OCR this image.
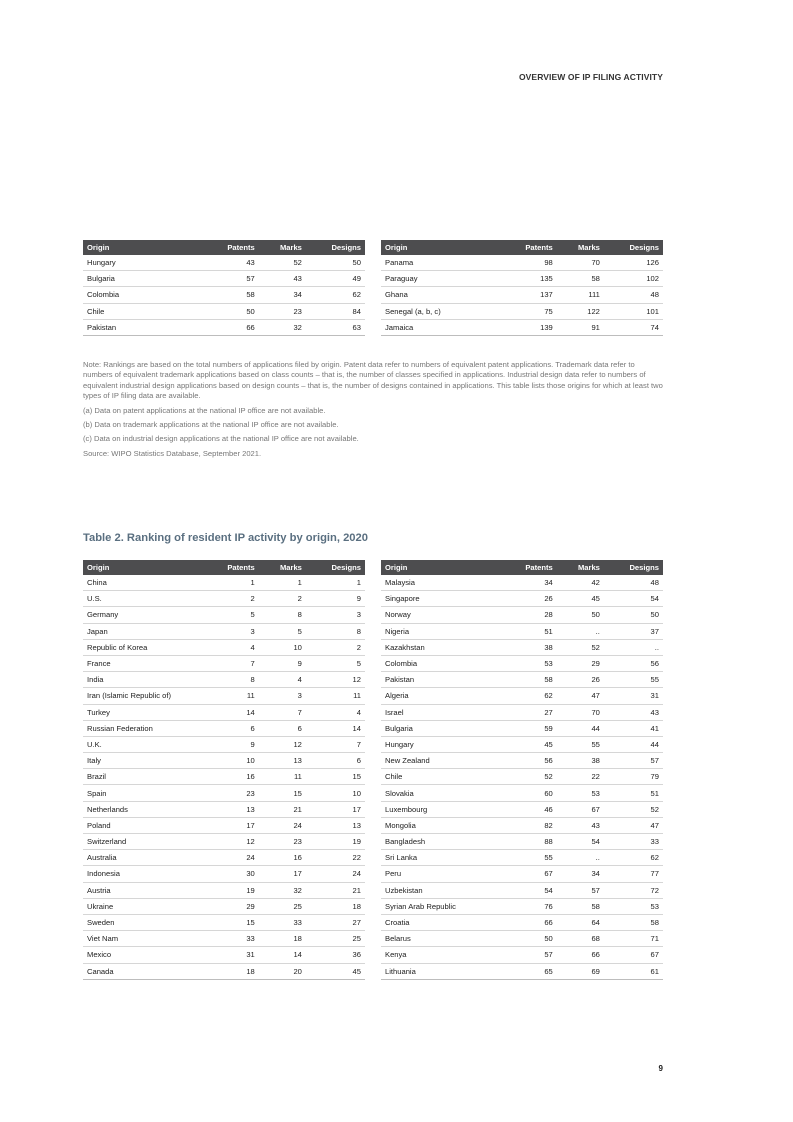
OVERVIEW OF IP FILING ACTIVITY
Origin	Patents	Marks	Designs
Hungary	43	52	50
Bulgaria	57	43	49
Colombia	58	34	62
Chile	50	23	84
Pakistan	66	32	63
Origin	Patents	Marks	Designs
Panama	98	70	126
Paraguay	135	58	102
Ghana	137	111	48
Senegal (a, b, c)	75	122	101
Jamaica	139	91	74

Note: Rankings are based on the total numbers of applications filed by origin. Patent data refer to numbers of equivalent patent applications. Trademark data refer to numbers of equivalent trademark applications based on class counts – that is, the number of classes specified in applications. Industrial design data refer to numbers of equivalent industrial design applications based on design counts – that is, the number of designs contained in applications. This table lists those origins for which at least two types of IP filing data are available.

(a) Data on patent applications at the national IP office are not available.

(b) Data on trademark applications at the national IP office are not available.

(c) Data on industrial design applications at the national IP office are not available.

Source: WIPO Statistics Database, September 2021.

Table 2. Ranking of resident IP activity by origin, 2020
Origin	Patents	Marks	Designs
China	1	1	1
U.S.	2	2	9
Germany	5	8	3
Japan	3	5	8
Republic of Korea	4	10	2
France	7	9	5
India	8	4	12
Iran (Islamic Republic of)	11	3	11
Turkey	14	7	4
Russian Federation	6	6	14
U.K.	9	12	7
Italy	10	13	6
Brazil	16	11	15
Spain	23	15	10
Netherlands	13	21	17
Poland	17	24	13
Switzerland	12	23	19
Australia	24	16	22
Indonesia	30	17	24
Austria	19	32	21
Ukraine	29	25	18
Sweden	15	33	27
Viet Nam	33	18	25
Mexico	31	14	36
Canada	18	20	45
Origin	Patents	Marks	Designs
Malaysia	34	42	48
Singapore	26	45	54
Norway	28	50	50
Nigeria	51	..	37
Kazakhstan	38	52	..
Colombia	53	29	56
Pakistan	58	26	55
Algeria	62	47	31
Israel	27	70	43
Bulgaria	59	44	41
Hungary	45	55	44
New Zealand	56	38	57
Chile	52	22	79
Slovakia	60	53	51
Luxembourg	46	67	52
Mongolia	82	43	47
Bangladesh	88	54	33
Sri Lanka	55	..	62
Peru	67	34	77
Uzbekistan	54	57	72
Syrian Arab Republic	76	58	53
Croatia	66	64	58
Belarus	50	68	71
Kenya	57	66	67
Lithuania	65	69	61
9
